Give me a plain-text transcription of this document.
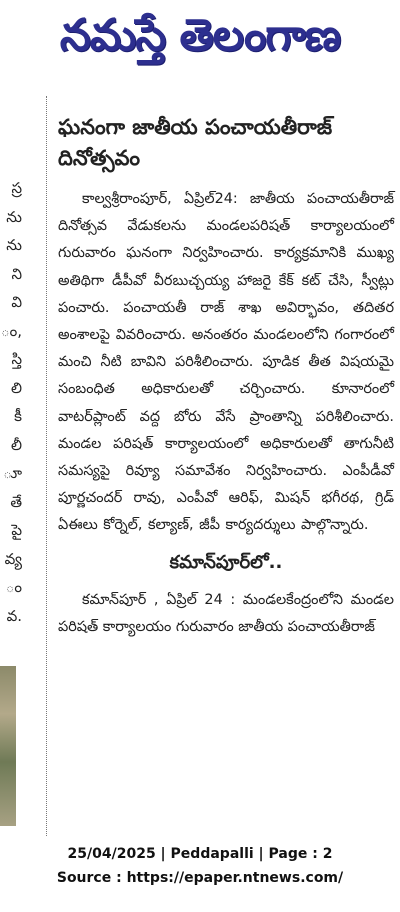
నమస్తే తెలంగాణ
స్ర
ను
ను
ని
వి
ం,
స్తి
లి
కీ
లీ
ూ
తే
పై
వ్య
ం
వ.
ఘనంగా జాతీయ పంచాయతీరాజ్ దినోత్సవం
కాల్వశ్రీరాంపూర్, ఏప్రిల్24: జాతీయ పంచాయతీరాజ్ దినోత్సవ వేడుకలను మండలపరిషత్ కార్యాలయంలో గురువారం ఘనంగా నిర్వహించారు. కార్యక్రమానికి ముఖ్య అతిథిగా డీపీవో వీరబుచ్చయ్య హాజరై కేక్ కట్ చేసి, స్వీట్లు పంచారు. పంచాయతీ రాజ్ శాఖ అవిర్భావం, తదితర అంశాలపై వివరించారు. అనంతరం మండలంలోని గంగారంలో మంచి నీటి బావిని పరిశీలించారు. పూడిక తీత విషయమై సంబంధిత అధికారులతో చర్చించారు. కూనారంలో వాటర్‌ప్లాంట్ వద్ద బోరు వేసే ప్రాంతాన్ని పరిశీలించారు. మండల పరిషత్ కార్యాలయంలో అధికారులతో తాగునీటి సమస్యపై రివ్యూ సమావేశం నిర్వహించారు. ఎంపీడీవో పూర్ణచందర్ రావు, ఎంపీవో ఆరిఫ్, మిషన్ భగీరథ, గ్రిడ్ ఏఈలు కోర్నెల్, కల్యాణ్, జీపీ కార్యదర్శులు పాల్గొన్నారు.
కమాన్‌పూర్‌లో..
కమాన్‌పూర్ , ఏప్రిల్ 24 : మండలకేంద్రంలోని మండల పరిషత్ కార్యాలయం గురువారం జాతీయ పంచాయతీరాజ్
25/04/2025 | Peddapalli | Page : 2
Source : https://epaper.ntnews.com/
